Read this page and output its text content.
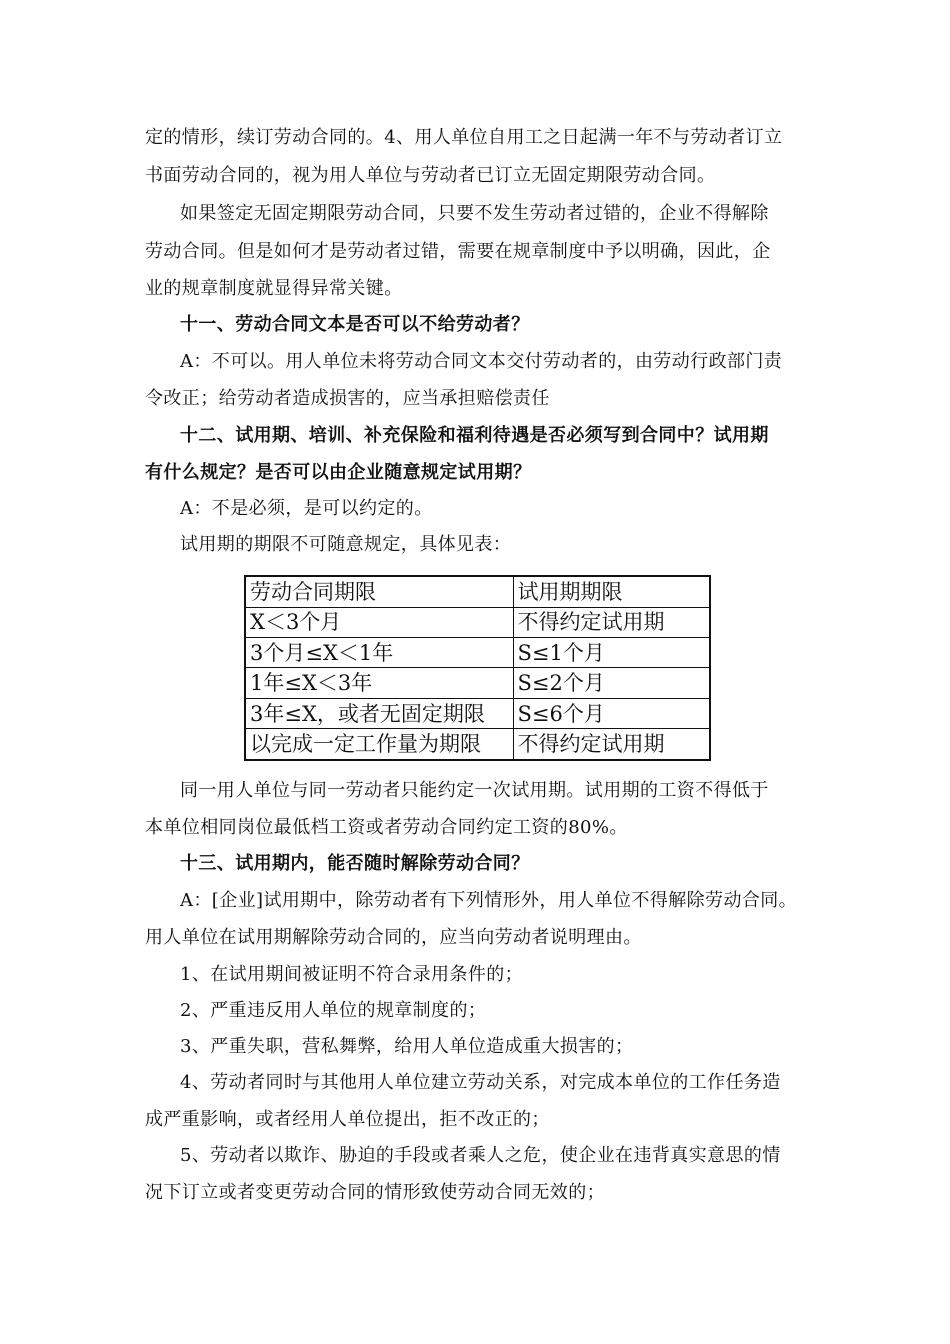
定的情形，续订劳动合同的。4、用人单位自用工之日起满一年不与劳动者订立
书面劳动合同的，视为用人单位与劳动者已订立无固定期限劳动合同。
如果签定无固定期限劳动合同，只要不发生劳动者过错的，企业不得解除
劳动合同。但是如何才是劳动者过错，需要在规章制度中予以明确，因此，企
业的规章制度就显得异常关键。
十一、劳动合同文本是否可以不给劳动者？
A：不可以。用人单位未将劳动合同文本交付劳动者的，由劳动行政部门责
令改正；给劳动者造成损害的，应当承担赔偿责任
十二、试用期、培训、补充保险和福利待遇是否必须写到合同中？试用期
有什么规定？是否可以由企业随意规定试用期？
A：不是必须，是可以约定的。
试用期的期限不可随意规定，具体见表：
劳动合同期限	试用期期限
X＜3个月	不得约定试用期
3个月≤X＜1年	S≤1个月
1年≤X＜3年	S≤2个月
3年≤X，或者无固定期限	S≤6个月
以完成一定工作量为期限	不得约定试用期
同一用人单位与同一劳动者只能约定一次试用期。试用期的工资不得低于
本单位相同岗位最低档工资或者劳动合同约定工资的80%。
十三、试用期内，能否随时解除劳动合同？
A：[企业]试用期中，除劳动者有下列情形外，用人单位不得解除劳动合同。
用人单位在试用期解除劳动合同的，应当向劳动者说明理由。
1、在试用期间被证明不符合录用条件的；
2、严重违反用人单位的规章制度的；
3、严重失职，营私舞弊，给用人单位造成重大损害的；
4、劳动者同时与其他用人单位建立劳动关系，对完成本单位的工作任务造
成严重影响，或者经用人单位提出，拒不改正的；
5、劳动者以欺诈、胁迫的手段或者乘人之危，使企业在违背真实意思的情
况下订立或者变更劳动合同的情形致使劳动合同无效的；
